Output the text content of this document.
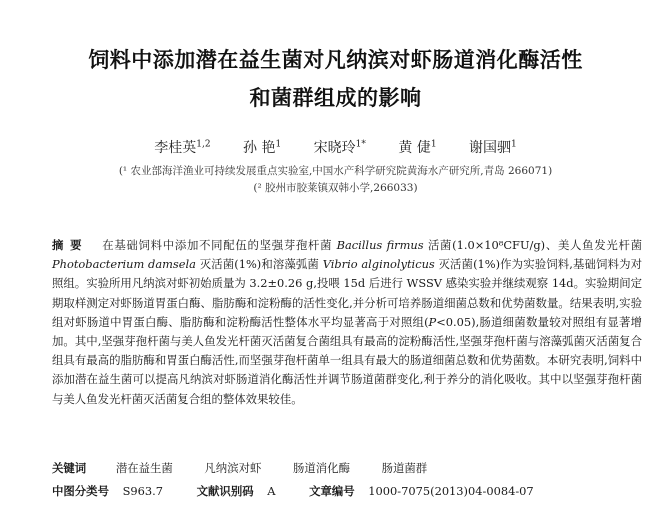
饲料中添加潜在益生菌对凡纳滨对虾肠道消化酶活性
和菌群组成的影响
李桂英$^{1,2}$ 孙 艳$^1$ 宋晓玲$^{1*}$ 黄 倢$^1$ 谢国驷$^1$
(¹ 农业部海洋渔业可持续发展重点实验室,中国水产科学研究院黄海水产研究所,青岛 266071)
(² 胶州市胶莱镇双韩小学,266033)
摘要 在基础饲料中添加不同配伍的坚强芽孢杆菌 Bacillus firmus 活菌(1.0×10⁸CFU/g)、美人鱼发光杆菌 Photobacterium damsela 灭活菌(1%)和溶藻弧菌 Vibrio alginolyticus 灭活菌(1%)作为实验饲料,基础饲料为对照组。实验所用凡纳滨对虾初始质量为 3.2±0.26 g,投喂 15d 后进行 WSSV 感染实验并继续观察 14d。实验期间定期取样测定对虾肠道胃蛋白酶、脂肪酶和淀粉酶的活性变化,并分析可培养肠道细菌总数和优势菌数量。结果表明,实验组对虾肠道中胃蛋白酶、脂肪酶和淀粉酶活性整体水平均显著高于对照组(P<0.05),肠道细菌数量较对照组有显著增加。其中,坚强芽孢杆菌与美人鱼发光杆菌灭活菌复合菌组具有最高的淀粉酶活性,坚强芽孢杆菌与溶藻弧菌灭活菌复合组具有最高的脂肪酶和胃蛋白酶活性,而坚强芽孢杆菌单一组具有最大的肠道细菌总数和优势菌数。本研究表明,饲料中添加潜在益生菌可以提高凡纳滨对虾肠道消化酶活性并调节肠道菌群变化,利于养分的消化吸收。其中以坚强芽孢杆菌与美人鱼发光杆菌灭活菌复合组的整体效果较佳。
关键词	潜在益生菌	凡纳滨对虾	肠道消化酶	肠道菌群
中图分类号 S963.7	文献识别码 A	文章编号 1000-7075(2013)04-0084-07
